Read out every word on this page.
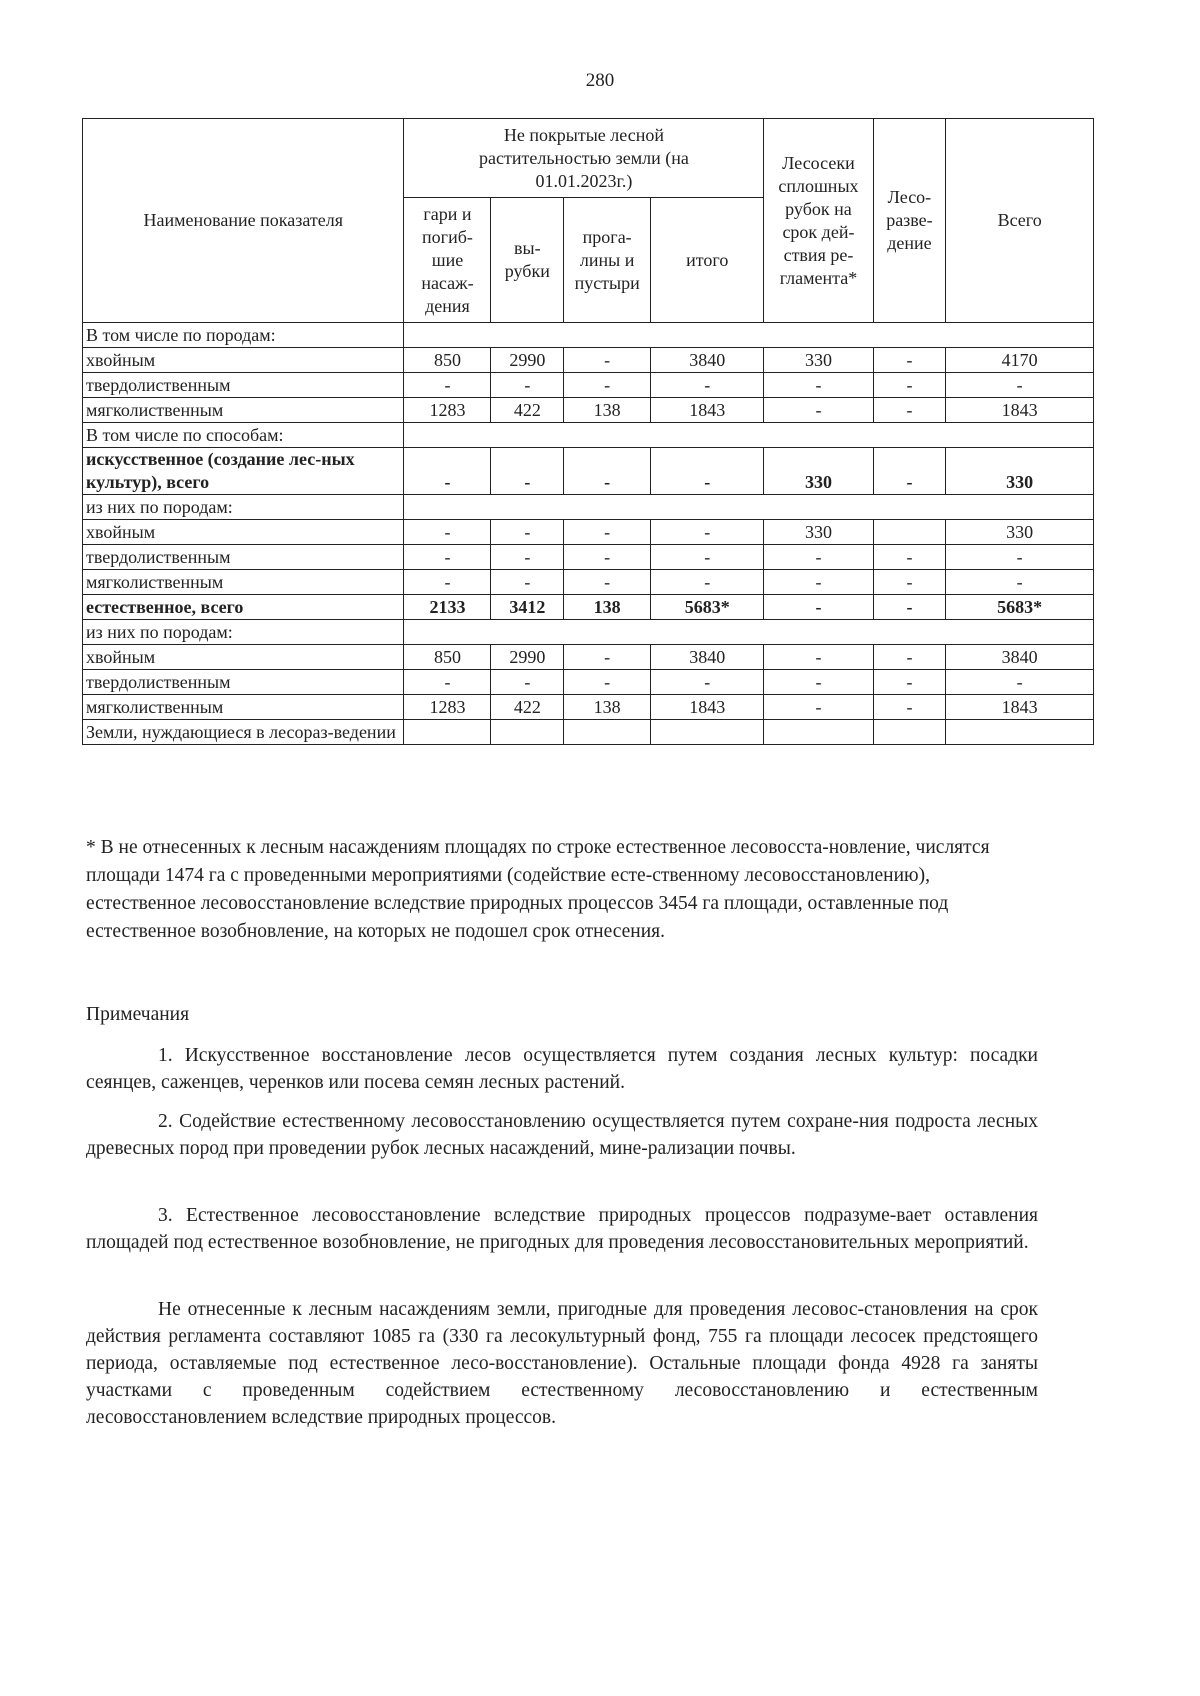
280
Наименование показателя	Не покрытые лесной растительностью земли (на 01.01.2023г.)				Лесосеки сплошных рубок на срок дей-ствия ре-гламента*	Лесо-разве-дение	Всего
	гари и погиб-шие насаж-дения	вы-рубки	прога-лины и пустыри	итого			
В том числе по породам:							
хвойным	850	2990	-	3840	330	-	4170
твердолиственным	-	-	-	-	-	-	-
мягколиственным	1283	422	138	1843	-	-	1843
В том числе по способам:							
искусственное (создание лес-ных культур), всего	-	-	-	-	330	-	330
из них по породам:							
хвойным	-	-	-	-	330		330
твердолиственным	-	-	-	-	-	-	-
мягколиственным	-	-	-	-	-	-	-
естественное, всего	2133	3412	138	5683*	-	-	5683*
из них по породам:							
хвойным	850	2990	-	3840	-	-	3840
твердолиственным	-	-	-	-	-	-	-
мягколиственным	1283	422	138	1843	-	-	1843
Земли, нуждающиеся в лесораз-ведении							
* В не отнесенных к лесным насаждениям площадях по строке естественное лесовосста-новление, числятся площади 1474 га с проведенными мероприятиями (содействие есте-ственному лесовосстановлению), естественное лесовосстановление вследствие природных процессов 3454 га площади, оставленные под естественное возобновление, на которых не подошел срок отнесения.
Примечания
1. Искусственное восстановление лесов осуществляется путем создания лесных культур: посадки сеянцев, саженцев, черенков или посева семян лесных растений.
2. Содействие естественному лесовосстановлению осуществляется путем сохране-ния подроста лесных древесных пород при проведении рубок лесных насаждений, мине-рализации почвы.
3. Естественное лесовосстановление вследствие природных процессов подразуме-вает оставления площадей под естественное возобновление, не пригодных для проведения лесовосстановительных мероприятий.
Не отнесенные к лесным насаждениям земли, пригодные для проведения лесовос-становления на срок действия регламента составляют 1085 га (330 га лесокультурный фонд, 755 га площади лесосек предстоящего периода, оставляемые под естественное лесо-восстановление). Остальные площади фонда 4928 га заняты участками с проведенным содействием естественному лесовосстановлению и естественным лесовосстановлением вследствие природных процессов.
